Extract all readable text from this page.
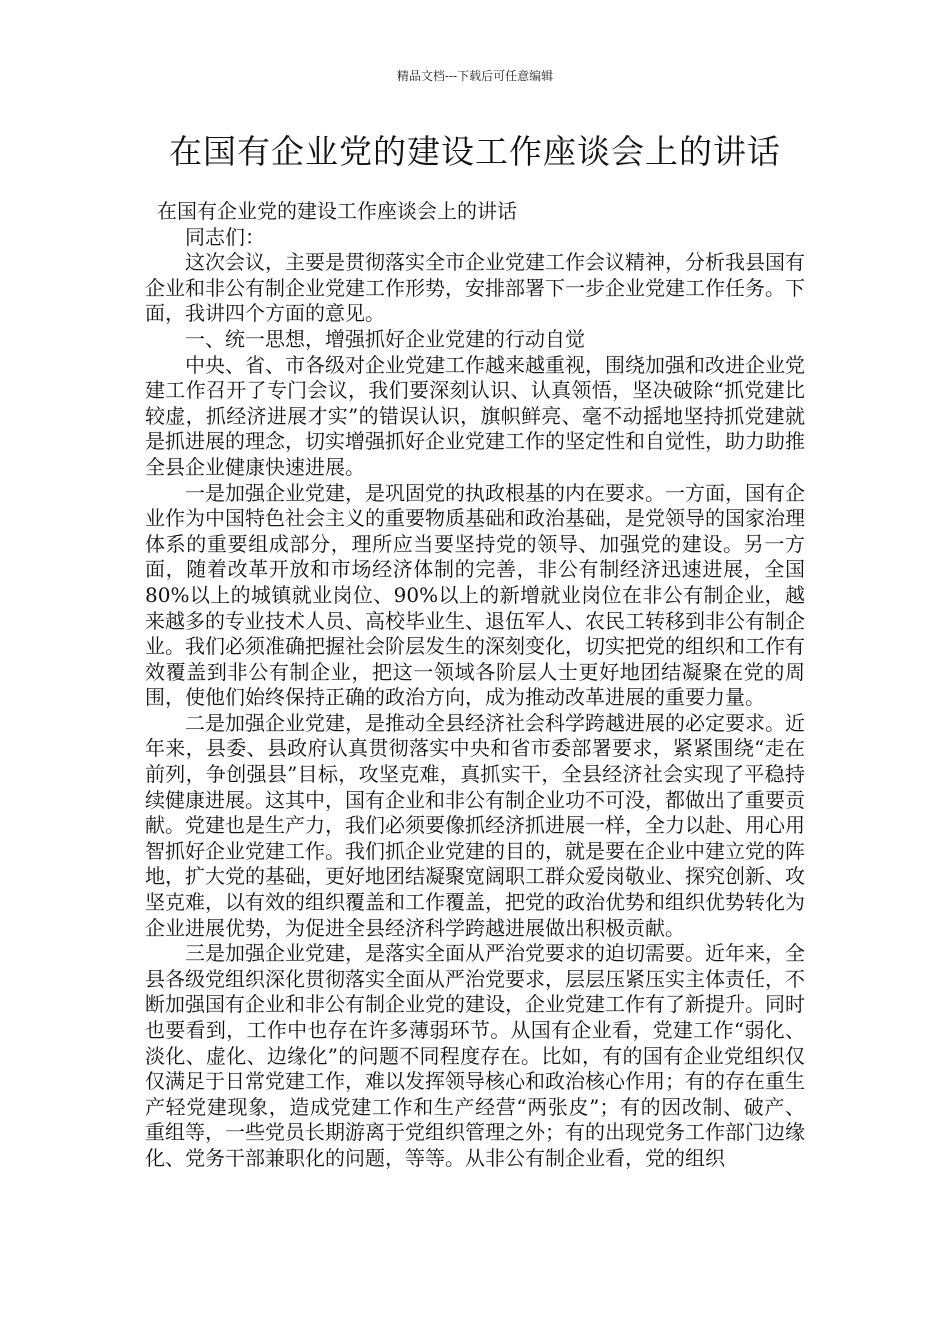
精品文档---下载后可任意编辑
在国有企业党的建设工作座谈会上的讲话

在国有企业党的建设工作座谈会上的讲话

同志们：

这次会议，主要是贯彻落实全市企业党建工作会议精神，分析我县国有企业和非公有制企业党建工作形势，安排部署下一步企业党建工作任务。下面，我讲四个方面的意见。

一、统一思想，增强抓好企业党建的行动自觉

中央、省、市各级对企业党建工作越来越重视，围绕加强和改进企业党建工作召开了专门会议，我们要深刻认识、认真领悟，坚决破除“抓党建比较虚，抓经济进展才实”的错误认识，旗帜鲜亮、毫不动摇地坚持抓党建就是抓进展的理念，切实增强抓好企业党建工作的坚定性和自觉性，助力助推全县企业健康快速进展。

一是加强企业党建，是巩固党的执政根基的内在要求。一方面，国有企业作为中国特色社会主义的重要物质基础和政治基础，是党领导的国家治理体系的重要组成部分，理所应当要坚持党的领导、加强党的建设。另一方面，随着改革开放和市场经济体制的完善，非公有制经济迅速进展，全国80%以上的城镇就业岗位、90%以上的新增就业岗位在非公有制企业，越来越多的专业技术人员、高校毕业生、退伍军人、农民工转移到非公有制企业。我们必须准确把握社会阶层发生的深刻变化，切实把党的组织和工作有效覆盖到非公有制企业，把这一领域各阶层人士更好地团结凝聚在党的周围，使他们始终保持正确的政治方向，成为推动改革进展的重要力量。

二是加强企业党建，是推动全县经济社会科学跨越进展的必定要求。近年来，县委、县政府认真贯彻落实中央和省市委部署要求，紧紧围绕“走在前列，争创强县”目标，攻坚克难，真抓实干，全县经济社会实现了平稳持续健康进展。这其中，国有企业和非公有制企业功不可没，都做出了重要贡献。党建也是生产力，我们必须要像抓经济抓进展一样，全力以赴、用心用智抓好企业党建工作。我们抓企业党建的目的，就是要在企业中建立党的阵地，扩大党的基础，更好地团结凝聚宽阔职工群众爱岗敬业、探究创新、攻坚克难，以有效的组织覆盖和工作覆盖，把党的政治优势和组织优势转化为企业进展优势，为促进全县经济科学跨越进展做出积极贡献。

三是加强企业党建，是落实全面从严治党要求的迫切需要。近年来，全县各级党组织深化贯彻落实全面从严治党要求，层层压紧压实主体责任，不断加强国有企业和非公有制企业党的建设，企业党建工作有了新提升。同时也要看到，工作中也存在许多薄弱环节。从国有企业看，党建工作“弱化、淡化、虚化、边缘化”的问题不同程度存在。比如，有的国有企业党组织仅仅满足于日常党建工作，难以发挥领导核心和政治核心作用；有的存在重生产轻党建现象，造成党建工作和生产经营“两张皮”；有的因改制、破产、重组等，一些党员长期游离于党组织管理之外；有的出现党务工作部门边缘化、党务干部兼职化的问题，等等。从非公有制企业看，党的组织
